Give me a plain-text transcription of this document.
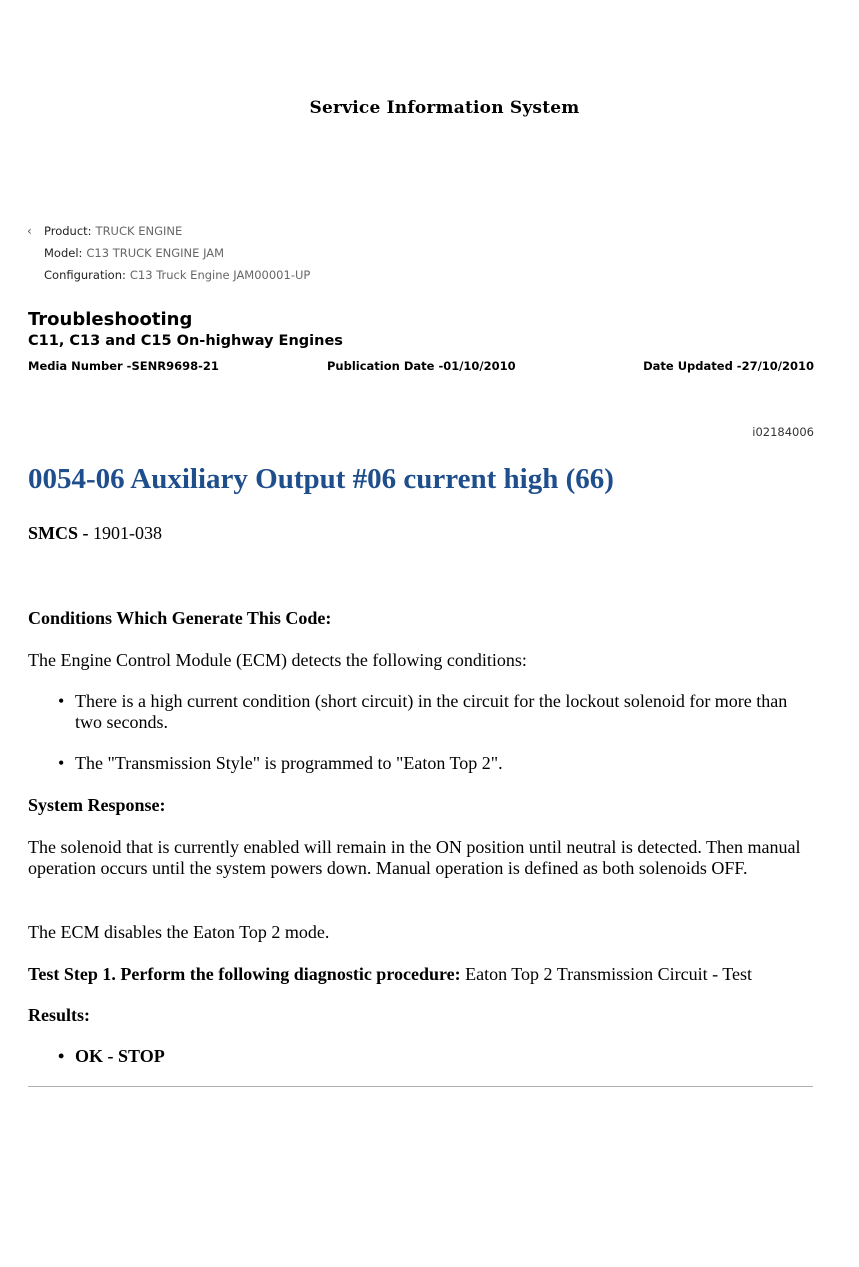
Service Information System
‹ Product: TRUCK ENGINE
Model: C13 TRUCK ENGINE JAM
Configuration: C13 Truck Engine JAM00001-UP
Troubleshooting
C11, C13 and C15 On-highway Engines
Media Number -SENR9698-21	Publication Date -01/10/2010	Date Updated -27/10/2010
i02184006
0054-06 Auxiliary Output #06 current high (66)
SMCS - 1901-038
Conditions Which Generate This Code:
The Engine Control Module (ECM) detects the following conditions:
• There is a high current condition (short circuit) in the circuit for the lockout solenoid for more than two seconds.
• The "Transmission Style" is programmed to "Eaton Top 2".
System Response:
The solenoid that is currently enabled will remain in the ON position until neutral is detected. Then manual operation occurs until the system powers down. Manual operation is defined as both solenoids OFF.
The ECM disables the Eaton Top 2 mode.
Test Step 1. Perform the following diagnostic procedure: Eaton Top 2 Transmission Circuit - Test
Results:
• OK - STOP
